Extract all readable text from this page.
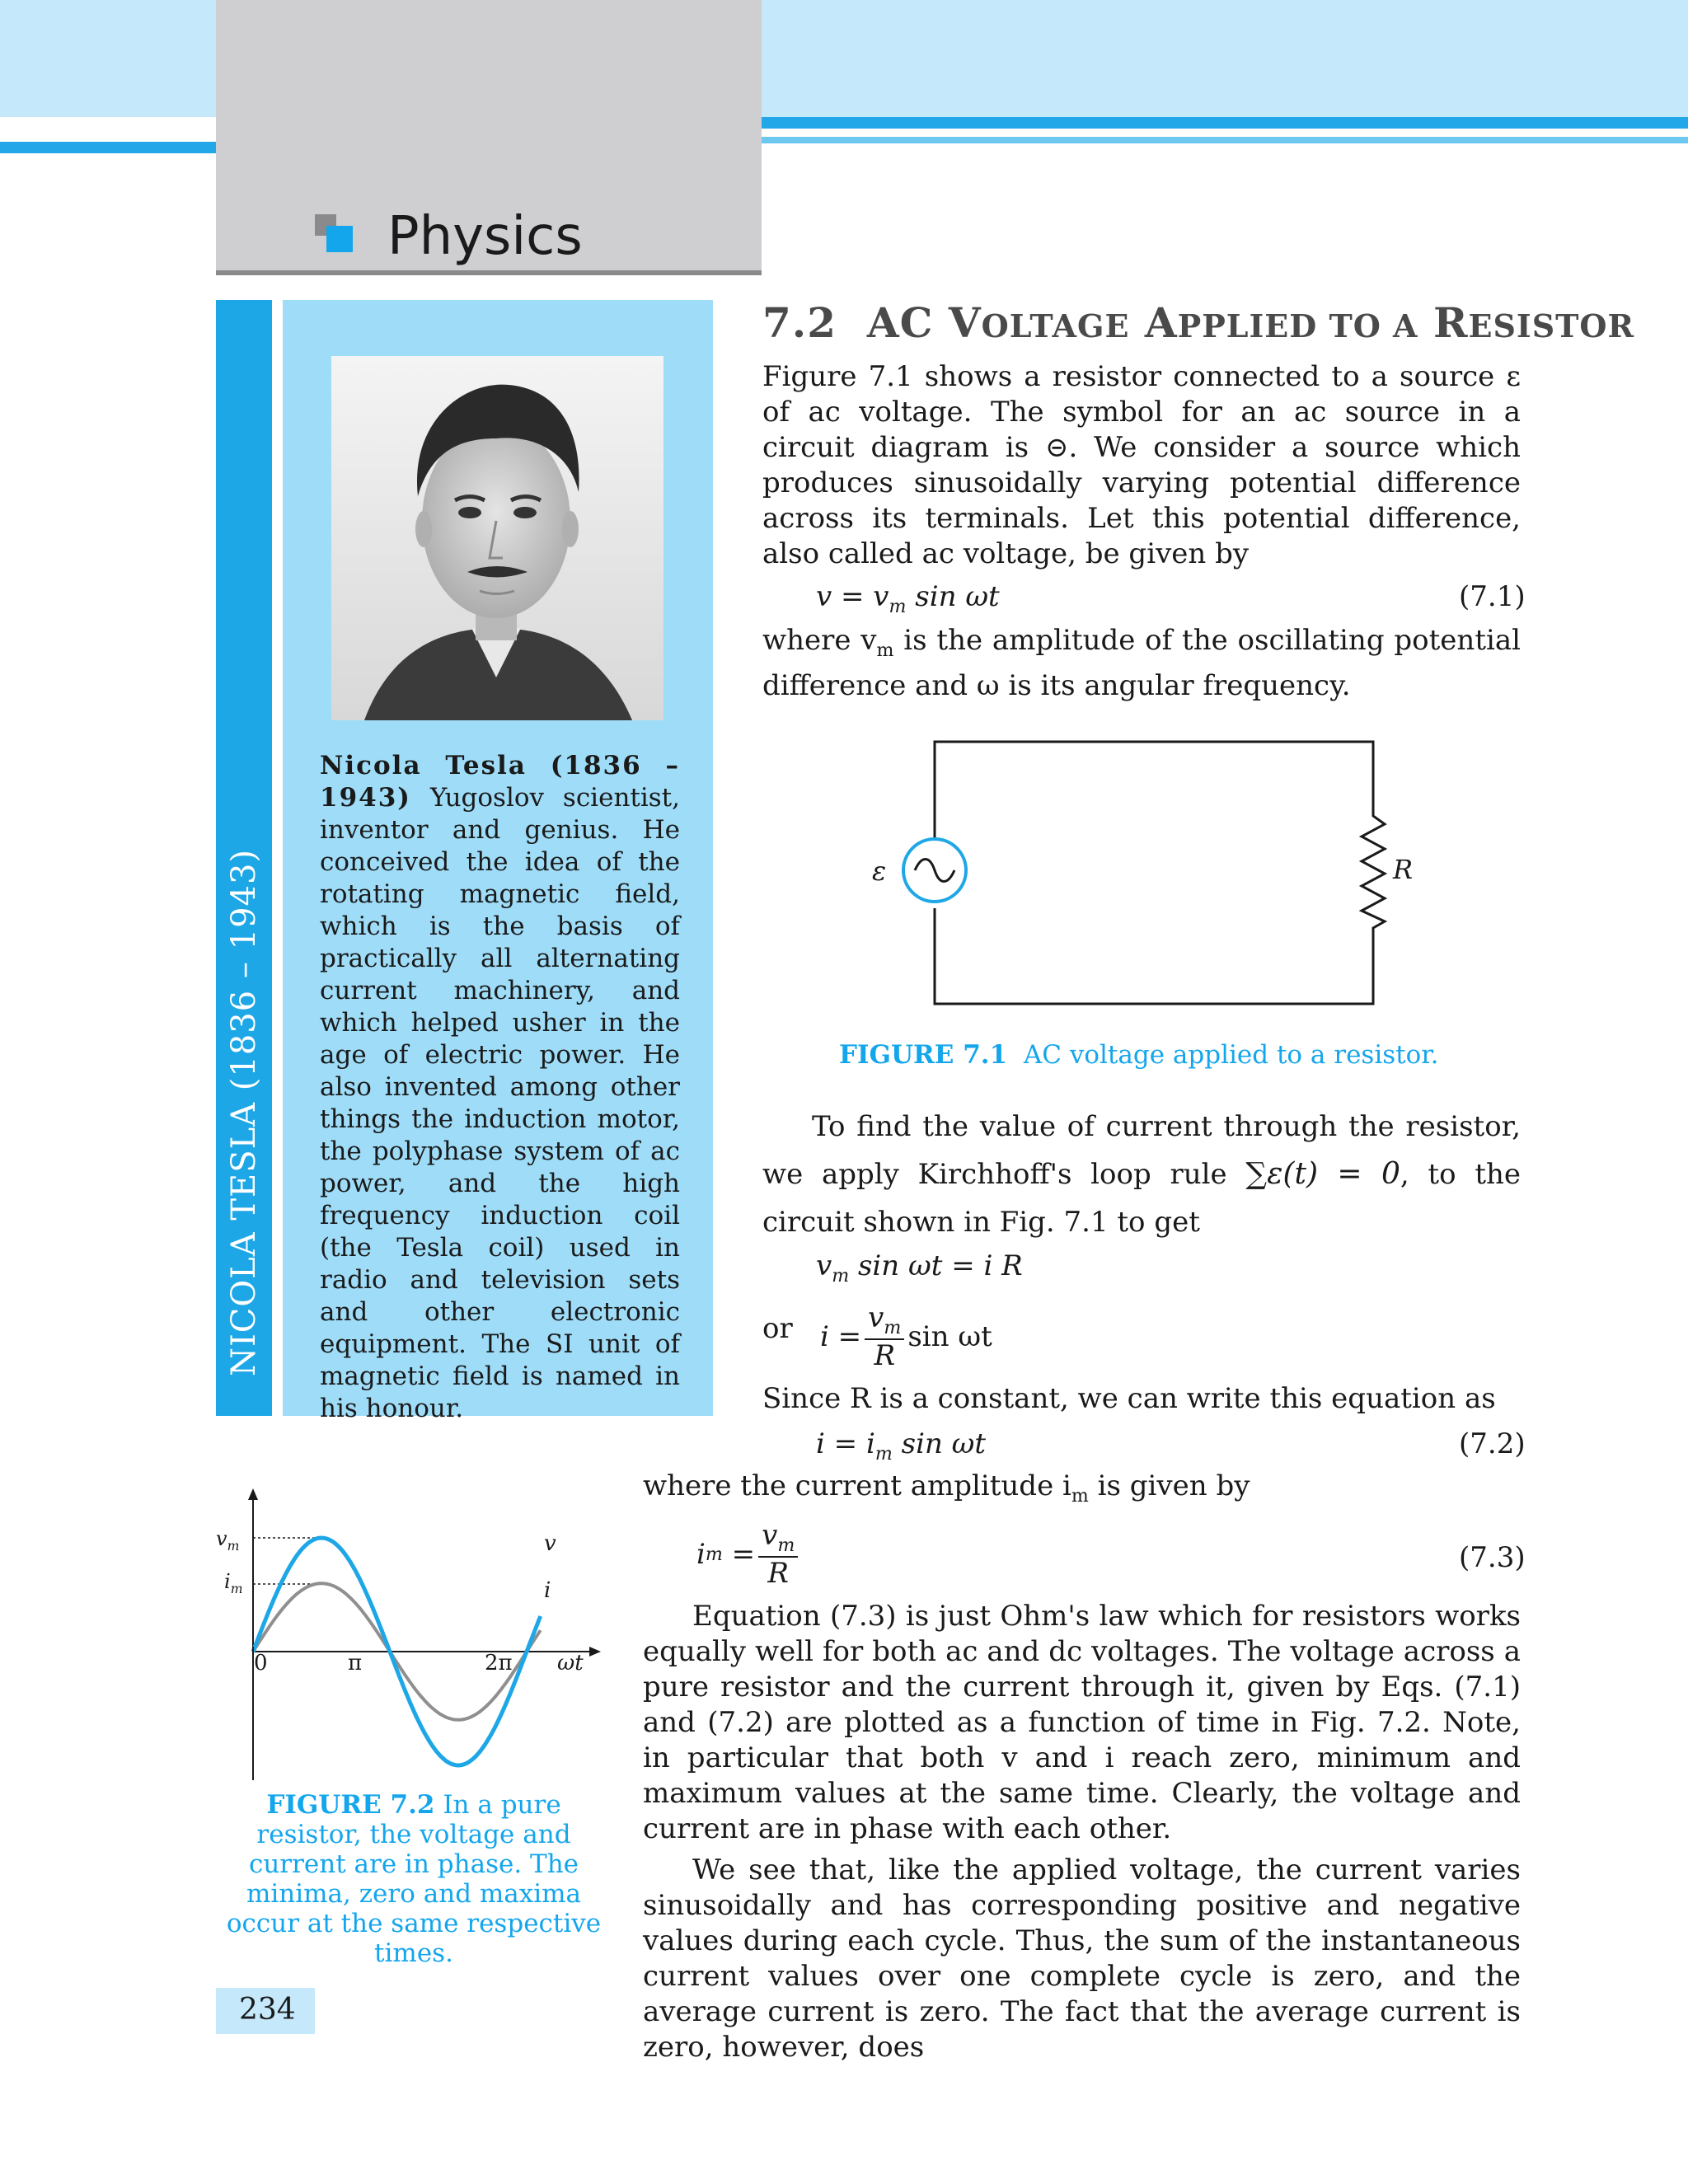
Physics
NICOLA TESLA (1836 – 1943)
Nicola Tesla (1836 – 1943) Yugoslov scientist, inventor and genius. He conceived the idea of the rotating magnetic field, which is the basis of practically all alternating current machinery, and which helped usher in the age of electric power. He also invented among other things the induction motor, the polyphase system of ac power, and the high frequency induction coil (the Tesla coil) used in radio and television sets and other electronic equipment. The SI unit of magnetic field is named in his honour.
7.2 AC VOLTAGE APPLIED TO A RESISTOR
Figure 7.1 shows a resistor connected to a source ε of ac voltage. The symbol for an ac source in a circuit diagram is ⊝. We consider a source which produces sinusoidally varying potential difference across its terminals. Let this potential difference, also called ac voltage, be given by
$v = v_m$ sin ωt	(7.1)
where $v_m$ is the amplitude of the oscillating potential difference and ω is its angular frequency.
ε	R
FIGURE 7.1 AC voltage applied to a resistor.
To find the value of current through the resistor, we apply Kirchhoff's loop rule ∑ε(t) = 0, to the circuit shown in Fig. 7.1 to get
$v_m$ sin ωt = i R
or $i = \frac{v_m}{R}$ sin ωt
Since R is a constant, we can write this equation as
$i = i_m$ sin ωt	(7.2)
where the current amplitude $i_m$ is given by
i $m = \frac{v_m}{R}$	(7.3)
Equation (7.3) is just Ohm's law which for resistors works equally well for both ac and dc voltages. The voltage across a pure resistor and the current through it, given by Eqs. (7.1) and (7.2) are plotted as a function of time in Fig. 7.2. Note, in particular that both v and i reach zero, minimum and maximum values at the same time. Clearly, the voltage and current are in phase with each other.
We see that, like the applied voltage, the current varies sinusoidally and has corresponding positive and negative values during each cycle. Thus, the sum of the instantaneous current values over one complete cycle is zero, and the average current is zero. The fact that the average current is zero, however, does
$v_m$
$i_m$
v
i
0	π	2π ωt
FIGURE 7.2 In a pure resistor, the voltage and current are in phase. The minima, zero and maxima occur at the same respective times.
234
